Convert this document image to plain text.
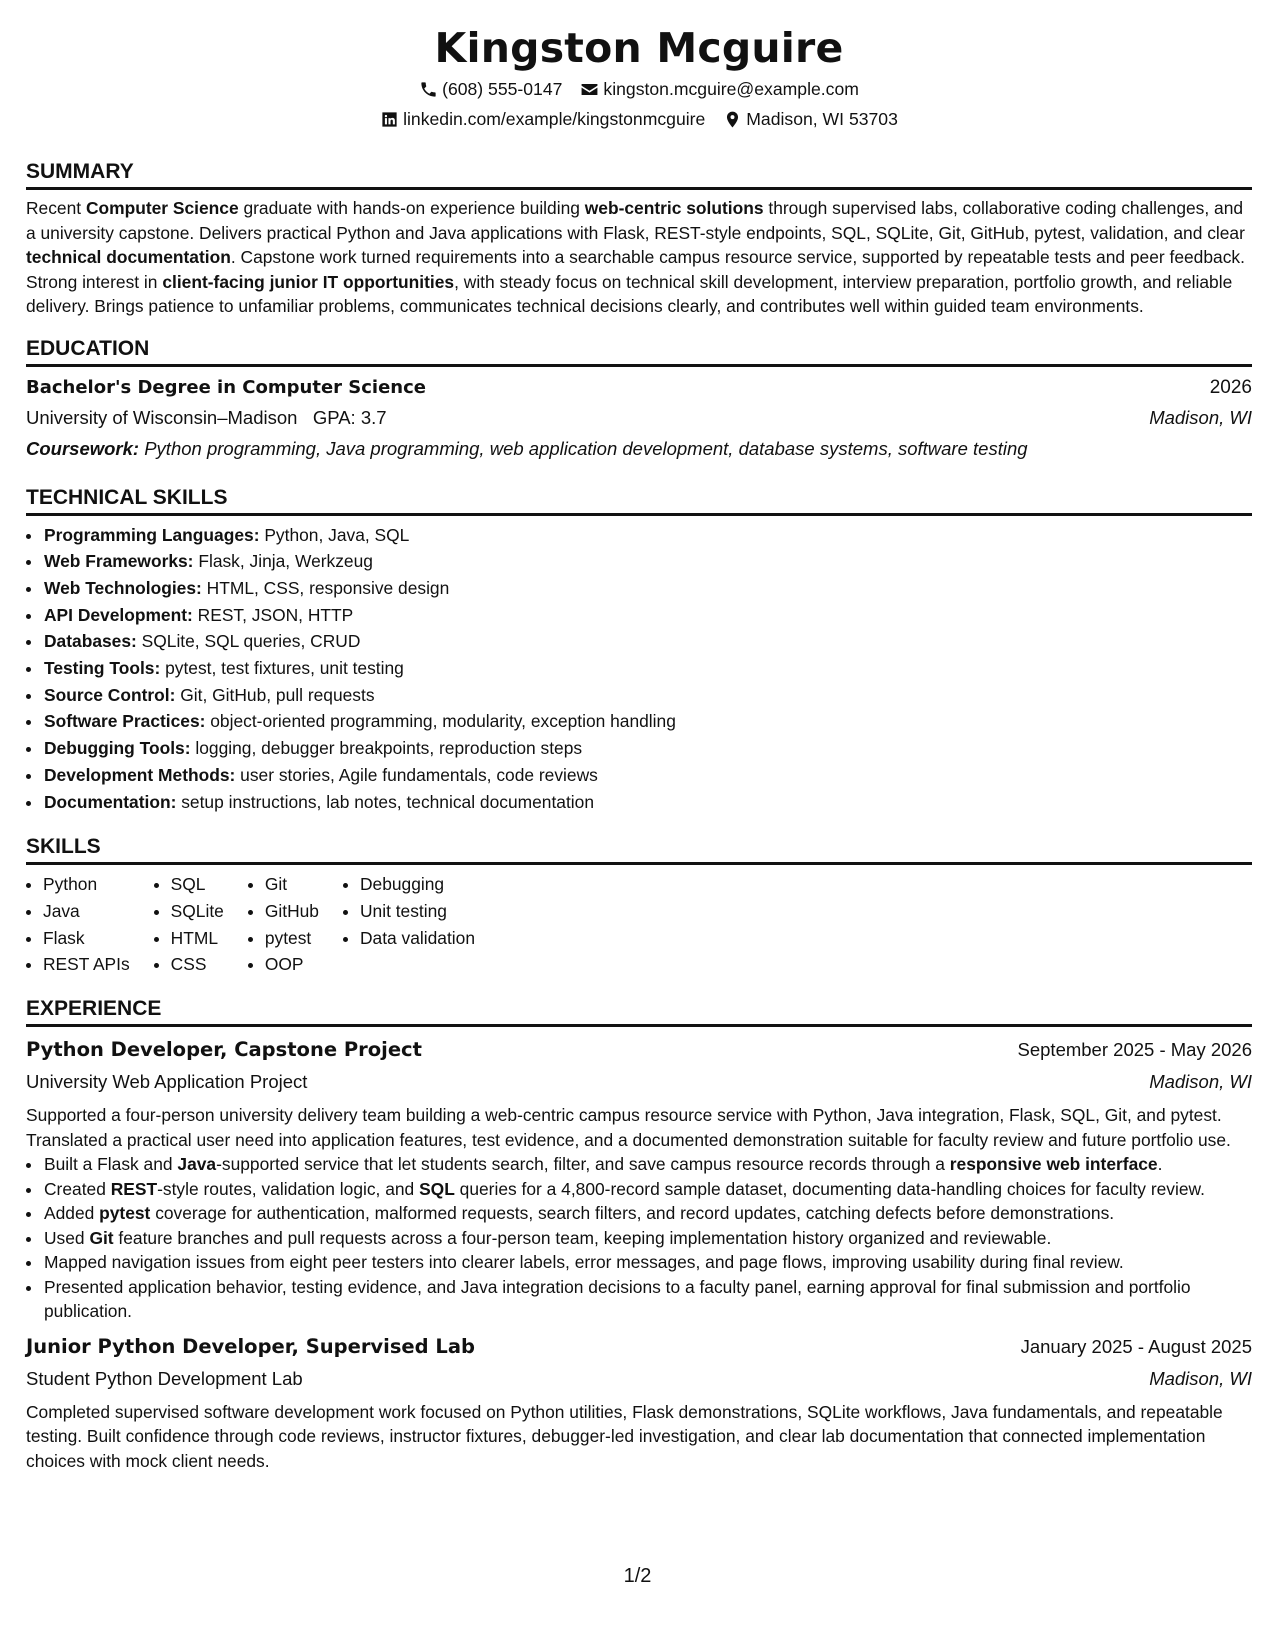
Kingston Mcguire
(608) 555-0147 kingston.mcguire@example.com
linkedin.com/example/kingstonmcguire Madison, WI 53703
SUMMARY
Recent Computer Science graduate with hands-on experience building web-centric solutions through supervised labs, collaborative coding challenges, and a university capstone. Delivers practical Python and Java applications with Flask, REST-style endpoints, SQL, SQLite, Git, GitHub, pytest, validation, and clear technical documentation. Capstone work turned requirements into a searchable campus resource service, supported by repeatable tests and peer feedback. Strong interest in client-facing junior IT opportunities, with steady focus on technical skill development, interview preparation, portfolio growth, and reliable delivery. Brings patience to unfamiliar problems, communicates technical decisions clearly, and contributes well within guided team environments.
EDUCATION
Bachelor's Degree in Computer Science	2026
University of Wisconsin–Madison GPA: 3.7	Madison, WI
Coursework: Python programming, Java programming, web application development, database systems, software testing
TECHNICAL SKILLS
• Programming Languages: Python, Java, SQL
• Web Frameworks: Flask, Jinja, Werkzeug
• Web Technologies: HTML, CSS, responsive design
• API Development: REST, JSON, HTTP
• Databases: SQLite, SQL queries, CRUD
• Testing Tools: pytest, test fixtures, unit testing
• Source Control: Git, GitHub, pull requests
• Software Practices: object-oriented programming, modularity, exception handling
• Debugging Tools: logging, debugger breakpoints, reproduction steps
• Development Methods: user stories, Agile fundamentals, code reviews
• Documentation: setup instructions, lab notes, technical documentation
SKILLS
• Python
• Java
• Flask
• REST APIs
• SQL
• SQLite
• HTML
• CSS
• Git
• GitHub
• pytest
• OOP
• Debugging
• Unit testing
• Data validation
EXPERIENCE
Python Developer, Capstone Project	September 2025 - May 2026
University Web Application Project	Madison, WI
Supported a four-person university delivery team building a web-centric campus resource service with Python, Java integration, Flask, SQL, Git, and pytest. Translated a practical user need into application features, test evidence, and a documented demonstration suitable for faculty review and future portfolio use.
• Built a Flask and Java-supported service that let students search, filter, and save campus resource records through a responsive web interface.
• Created REST-style routes, validation logic, and SQL queries for a 4,800-record sample dataset, documenting data-handling choices for faculty review.
• Added pytest coverage for authentication, malformed requests, search filters, and record updates, catching defects before demonstrations.
• Used Git feature branches and pull requests across a four-person team, keeping implementation history organized and reviewable.
• Mapped navigation issues from eight peer testers into clearer labels, error messages, and page flows, improving usability during final review.
• Presented application behavior, testing evidence, and Java integration decisions to a faculty panel, earning approval for final submission and portfolio publication.
Junior Python Developer, Supervised Lab	January 2025 - August 2025
Student Python Development Lab	Madison, WI
Completed supervised software development work focused on Python utilities, Flask demonstrations, SQLite workflows, Java fundamentals, and repeatable testing. Built confidence through code reviews, instructor fixtures, debugger-led investigation, and clear lab documentation that connected implementation choices with mock client needs.
1/2
